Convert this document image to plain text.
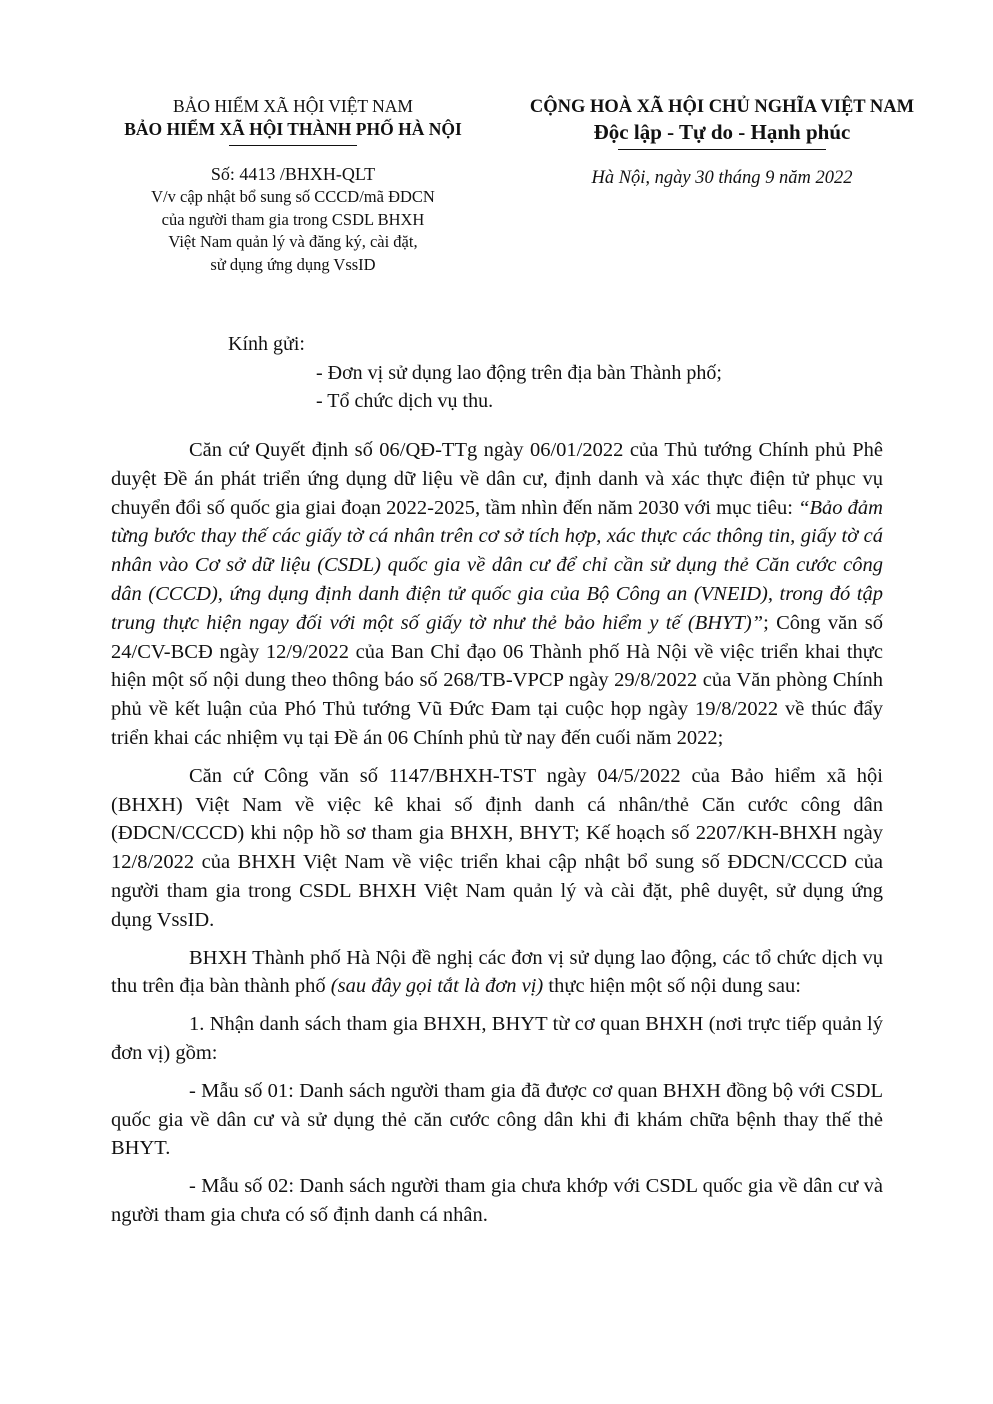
BẢO HIỂM XÃ HỘI VIỆT NAM
BẢO HIỂM XÃ HỘI THÀNH PHỐ HÀ NỘI
Số: 4413 /BHXH-QLT
V/v cập nhật bổ sung số CCCD/mã ĐDCN
của người tham gia trong CSDL BHXH
Việt Nam quản lý và đăng ký, cài đặt,
sử dụng ứng dụng VssID
CỘNG HOÀ XÃ HỘI CHỦ NGHĨA VIỆT NAM
Độc lập - Tự do - Hạnh phúc
Hà Nội, ngày 30 tháng 9 năm 2022
Kính gửi:
- Đơn vị sử dụng lao động trên địa bàn Thành phố;
- Tổ chức dịch vụ thu.

Căn cứ Quyết định số 06/QĐ-TTg ngày 06/01/2022 của Thủ tướng Chính phủ Phê duyệt Đề án phát triển ứng dụng dữ liệu về dân cư, định danh và xác thực điện tử phục vụ chuyển đổi số quốc gia giai đoạn 2022-2025, tầm nhìn đến năm 2030 với mục tiêu: “Bảo đảm từng bước thay thế các giấy tờ cá nhân trên cơ sở tích hợp, xác thực các thông tin, giấy tờ cá nhân vào Cơ sở dữ liệu (CSDL) quốc gia về dân cư để chỉ cần sử dụng thẻ Căn cước công dân (CCCD), ứng dụng định danh điện tử quốc gia của Bộ Công an (VNEID), trong đó tập trung thực hiện ngay đối với một số giấy tờ như thẻ bảo hiểm y tế (BHYT)”; Công văn số 24/CV-BCĐ ngày 12/9/2022 của Ban Chỉ đạo 06 Thành phố Hà Nội về việc triển khai thực hiện một số nội dung theo thông báo số 268/TB-VPCP ngày 29/8/2022 của Văn phòng Chính phủ về kết luận của Phó Thủ tướng Vũ Đức Đam tại cuộc họp ngày 19/8/2022 về thúc đẩy triển khai các nhiệm vụ tại Đề án 06 Chính phủ từ nay đến cuối năm 2022;

Căn cứ Công văn số 1147/BHXH-TST ngày 04/5/2022 của Bảo hiểm xã hội (BHXH) Việt Nam về việc kê khai số định danh cá nhân/thẻ Căn cước công dân (ĐDCN/CCCD) khi nộp hồ sơ tham gia BHXH, BHYT; Kế hoạch số 2207/KH-BHXH ngày 12/8/2022 của BHXH Việt Nam về việc triển khai cập nhật bổ sung số ĐDCN/CCCD của người tham gia trong CSDL BHXH Việt Nam quản lý và cài đặt, phê duyệt, sử dụng ứng dụng VssID.

BHXH Thành phố Hà Nội đề nghị các đơn vị sử dụng lao động, các tổ chức dịch vụ thu trên địa bàn thành phố (sau đây gọi tắt là đơn vị) thực hiện một số nội dung sau:

1. Nhận danh sách tham gia BHXH, BHYT từ cơ quan BHXH (nơi trực tiếp quản lý đơn vị) gồm:

- Mẫu số 01: Danh sách người tham gia đã được cơ quan BHXH đồng bộ với CSDL quốc gia về dân cư và sử dụng thẻ căn cước công dân khi đi khám chữa bệnh thay thế thẻ BHYT.

- Mẫu số 02: Danh sách người tham gia chưa khớp với CSDL quốc gia về dân cư và người tham gia chưa có số định danh cá nhân.
